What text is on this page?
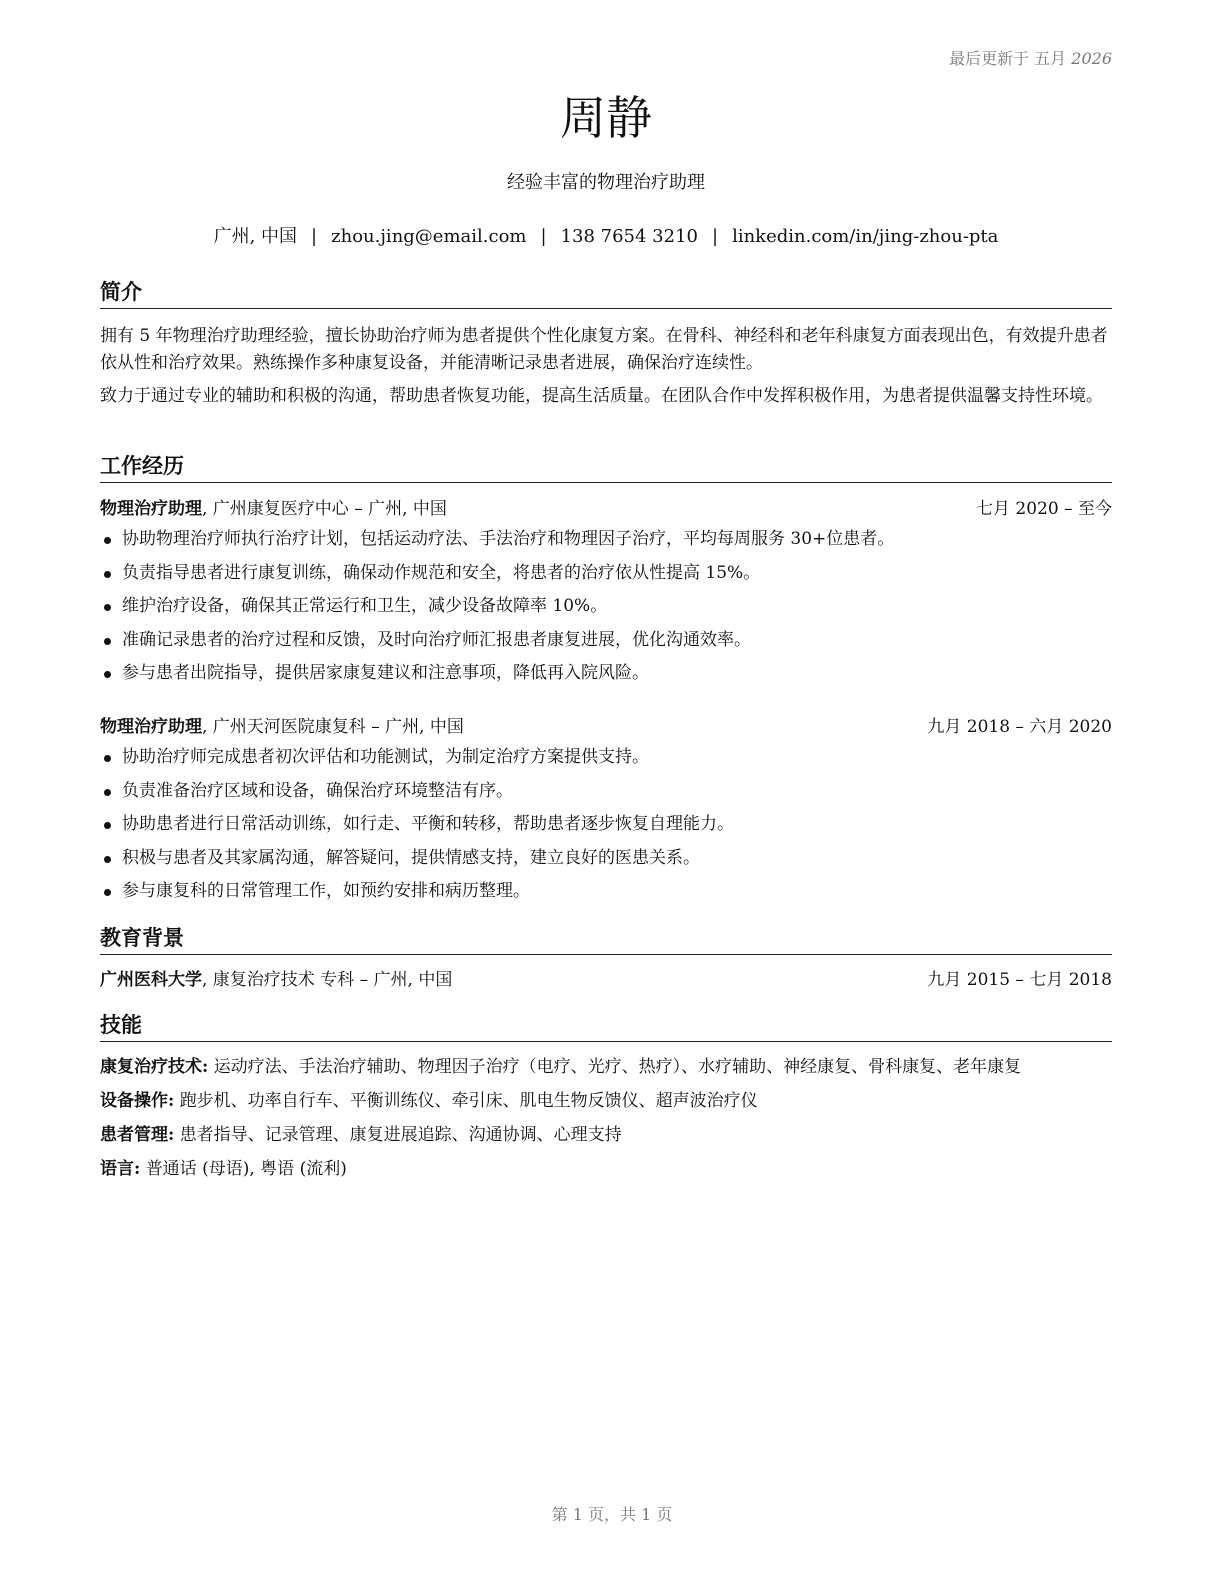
最后更新于 五月 2026
周静
经验丰富的物理治疗助理
广州, 中国 | zhou.jing@email.com | 138 7654 3210 | linkedin.com/in/jing-zhou-pta
简介

拥有 5 年物理治疗助理经验，擅长协助治疗师为患者提供个性化康复方案。在骨科、神经科和老年科康复方面表现出色，有效提升患者依从性和治疗效果。熟练操作多种康复设备，并能清晰记录患者进展，确保治疗连续性。

致力于通过专业的辅助和积极的沟通，帮助患者恢复功能，提高生活质量。在团队合作中发挥积极作用，为患者提供温馨支持性环境。

工作经历
物理治疗助理, 广州康复医疗中心 – 广州, 中国	七月 2020 – 至今
协助物理治疗师执行治疗计划，包括运动疗法、手法治疗和物理因子治疗，平均每周服务 30+位患者。
负责指导患者进行康复训练，确保动作规范和安全，将患者的治疗依从性提高 15%。
维护治疗设备，确保其正常运行和卫生，减少设备故障率 10%。
准确记录患者的治疗过程和反馈，及时向治疗师汇报患者康复进展，优化沟通效率。
参与患者出院指导，提供居家康复建议和注意事项，降低再入院风险。
物理治疗助理, 广州天河医院康复科 – 广州, 中国	九月 2018 – 六月 2020
协助治疗师完成患者初次评估和功能测试，为制定治疗方案提供支持。
负责准备治疗区域和设备，确保治疗环境整洁有序。
协助患者进行日常活动训练，如行走、平衡和转移，帮助患者逐步恢复自理能力。
积极与患者及其家属沟通，解答疑问，提供情感支持，建立良好的医患关系。
参与康复科的日常管理工作，如预约安排和病历整理。
教育背景
广州医科大学, 康复治疗技术 专科 – 广州, 中国	九月 2015 – 七月 2018
技能

康复治疗技术: 运动疗法、手法治疗辅助、物理因子治疗（电疗、光疗、热疗）、水疗辅助、神经康复、骨科康复、老年康复

设备操作: 跑步机、功率自行车、平衡训练仪、牵引床、肌电生物反馈仪、超声波治疗仪

患者管理: 患者指导、记录管理、康复进展追踪、沟通协调、心理支持

语言: 普通话 (母语), 粤语 (流利)

第 1 页，共 1 页
